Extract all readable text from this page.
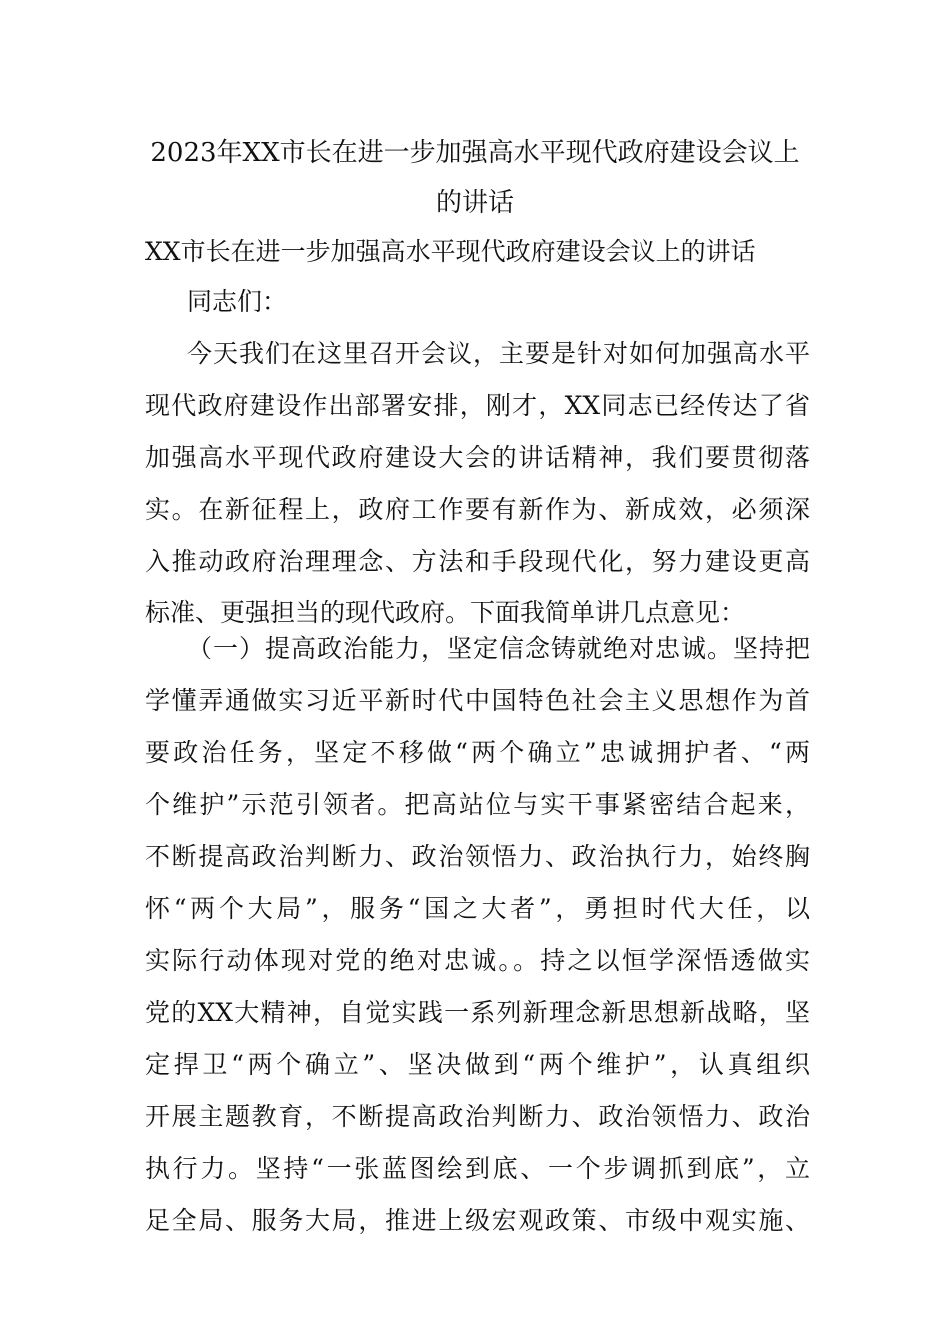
2023年XX市长在进一步加强高水平现代政府建设会议上
的讲话
XX市长在进一步加强高水平现代政府建设会议上的讲话
同志们：
今天我们在这里召开会议，主要是针对如何加强高水平
现代政府建设作出部署安排，刚才，XX同志已经传达了省
加强高水平现代政府建设大会的讲话精神，我们要贯彻落
实。在新征程上，政府工作要有新作为、新成效，必须深
入推动政府治理理念、方法和手段现代化，努力建设更高
标准、更强担当的现代政府。下面我简单讲几点意见：
（一）提高政治能力，坚定信念铸就绝对忠诚。坚持把
学懂弄通做实习近平新时代中国特色社会主义思想作为首
要政治任务，坚定不移做“两个确立”忠诚拥护者、“两
个维护”示范引领者。把高站位与实干事紧密结合起来，
不断提高政治判断力、政治领悟力、政治执行力，始终胸
怀“两个大局”，服务“国之大者”，勇担时代大任，以
实际行动体现对党的绝对忠诚。。持之以恒学深悟透做实
党的XX大精神，自觉实践一系列新理念新思想新战略，坚
定捍卫“两个确立”、坚决做到“两个维护”，认真组织
开展主题教育，不断提高政治判断力、政治领悟力、政治
执行力。坚持“一张蓝图绘到底、一个步调抓到底”，立
足全局、服务大局，推进上级宏观政策、市级中观实施、
